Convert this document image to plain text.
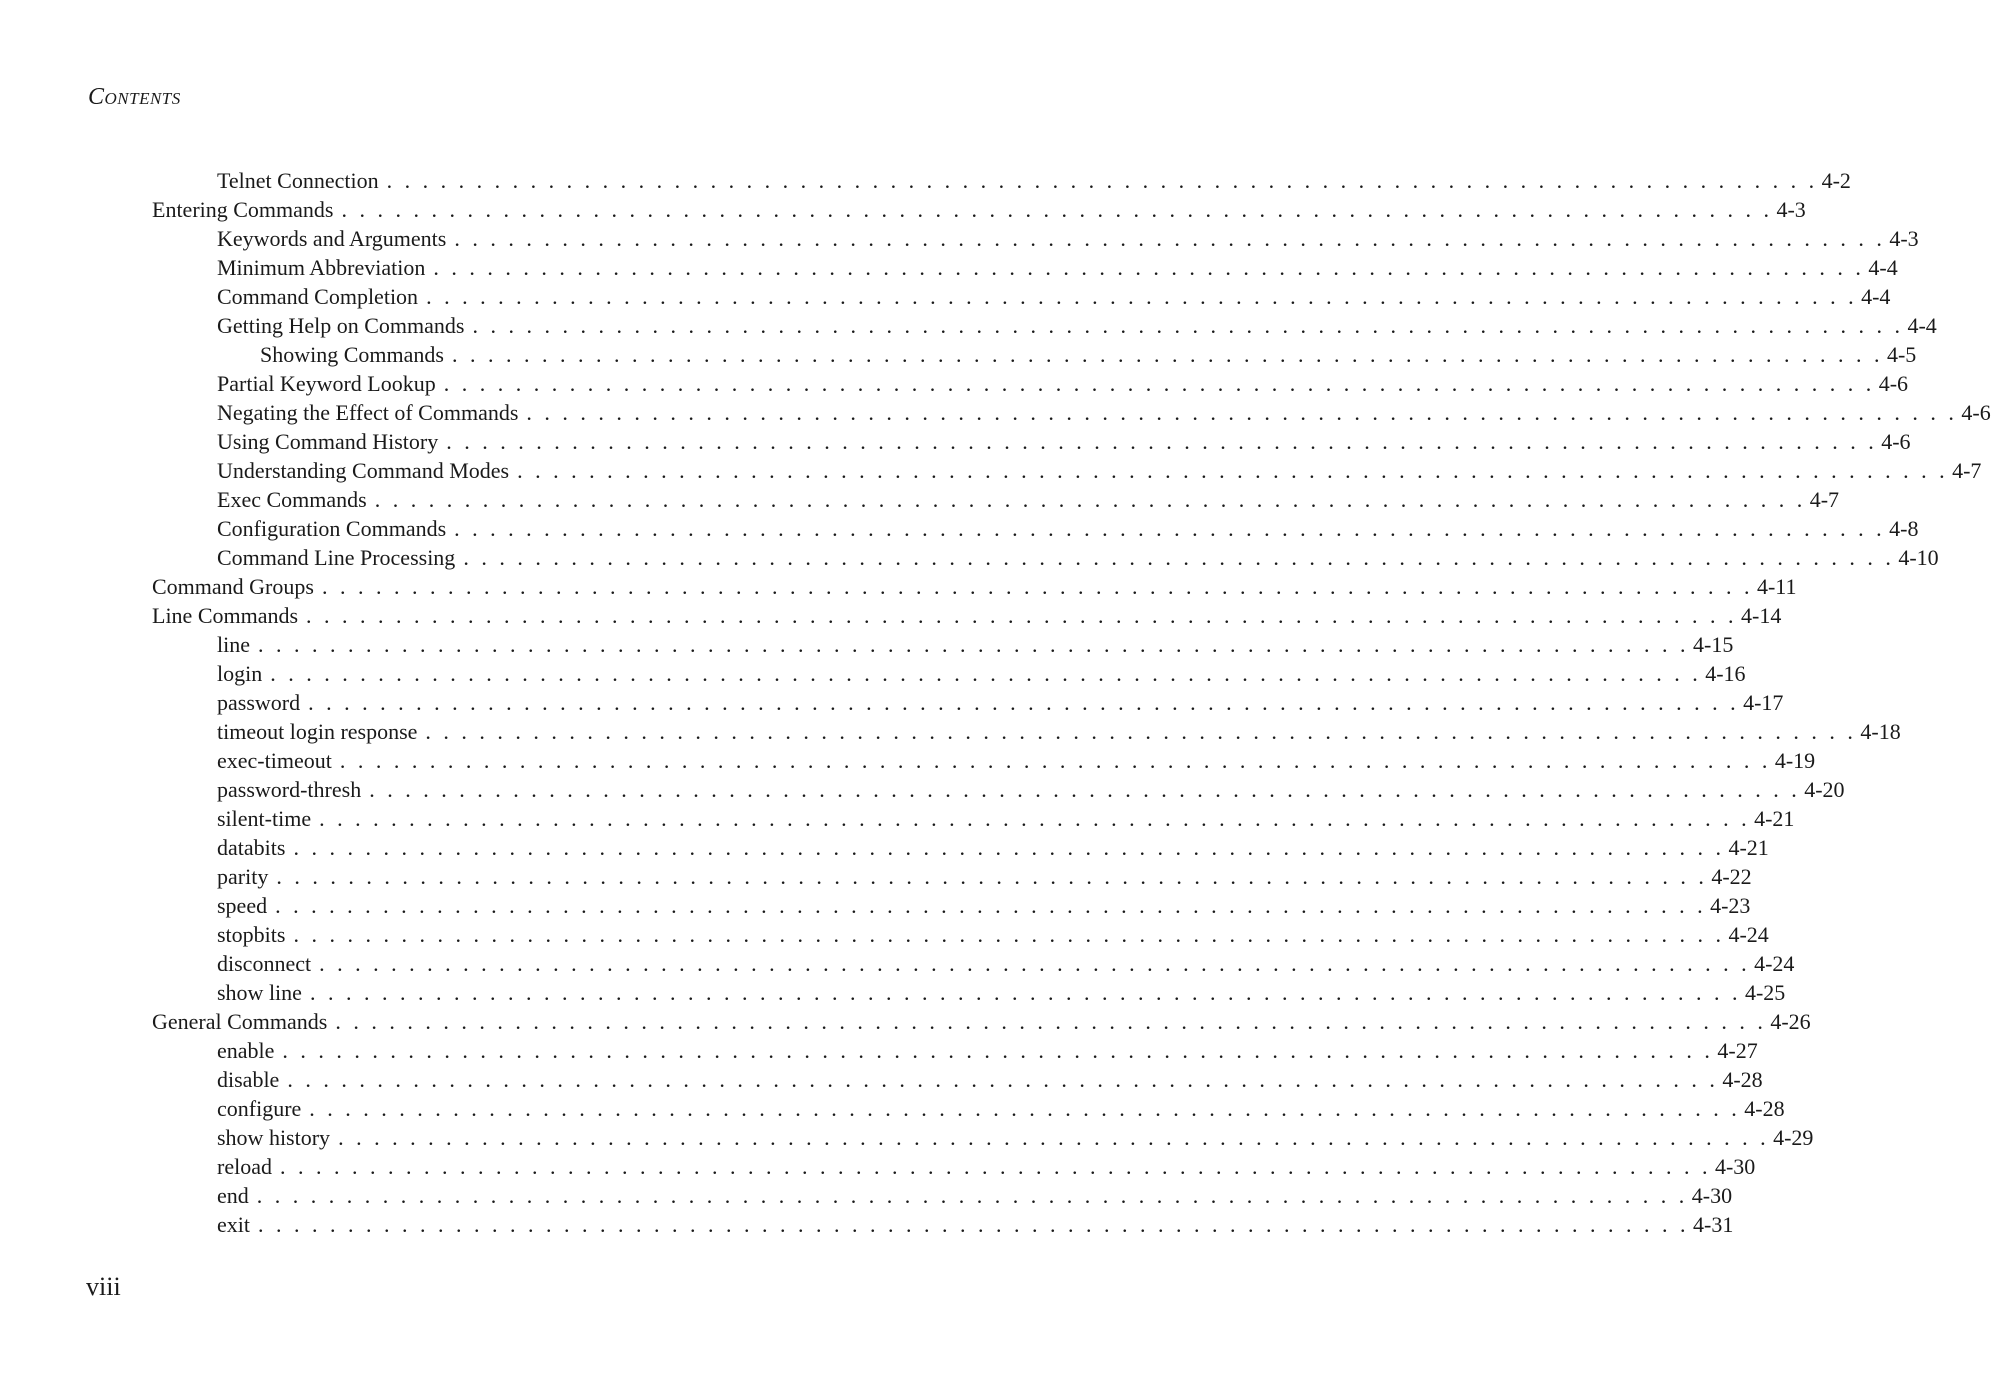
CONTENTS
Telnet Connection . . . . . . . . . . . . . . . . . . . . . . . . . . . . . . . . . . . . . . . . . . . . . . . . . . . . . . . . . . . . . . . . . . . . . . . . . . . . . . . . 4-2
Entering Commands . . . . . . . . . . . . . . . . . . . . . . . . . . . . . . . . . . . . . . . . . . . . . . . . . . . . . . . . . . . . . . . . . . . . . . . . . . . . . . . . 4-3
Keywords and Arguments . . . . . . . . . . . . . . . . . . . . . . . . . . . . . . . . . . . . . . . . . . . . . . . . . . . . . . . . . . . . . . . . . . . . . . . . . . . . . . . . 4-3
Minimum Abbreviation . . . . . . . . . . . . . . . . . . . . . . . . . . . . . . . . . . . . . . . . . . . . . . . . . . . . . . . . . . . . . . . . . . . . . . . . . . . . . . . . 4-4
Command Completion . . . . . . . . . . . . . . . . . . . . . . . . . . . . . . . . . . . . . . . . . . . . . . . . . . . . . . . . . . . . . . . . . . . . . . . . . . . . . . . . 4-4
Getting Help on Commands . . . . . . . . . . . . . . . . . . . . . . . . . . . . . . . . . . . . . . . . . . . . . . . . . . . . . . . . . . . . . . . . . . . . . . . . . . . . . . . . 4-4
Showing Commands . . . . . . . . . . . . . . . . . . . . . . . . . . . . . . . . . . . . . . . . . . . . . . . . . . . . . . . . . . . . . . . . . . . . . . . . . . . . . . . . 4-5
Partial Keyword Lookup . . . . . . . . . . . . . . . . . . . . . . . . . . . . . . . . . . . . . . . . . . . . . . . . . . . . . . . . . . . . . . . . . . . . . . . . . . . . . . . . 4-6
Negating the Effect of Commands . . . . . . . . . . . . . . . . . . . . . . . . . . . . . . . . . . . . . . . . . . . . . . . . . . . . . . . . . . . . . . . . . . . . . . . . . . . . . . . . 4-6
Using Command History . . . . . . . . . . . . . . . . . . . . . . . . . . . . . . . . . . . . . . . . . . . . . . . . . . . . . . . . . . . . . . . . . . . . . . . . . . . . . . . . 4-6
Understanding Command Modes . . . . . . . . . . . . . . . . . . . . . . . . . . . . . . . . . . . . . . . . . . . . . . . . . . . . . . . . . . . . . . . . . . . . . . . . . . . . . . . . 4-7
Exec Commands . . . . . . . . . . . . . . . . . . . . . . . . . . . . . . . . . . . . . . . . . . . . . . . . . . . . . . . . . . . . . . . . . . . . . . . . . . . . . . . . 4-7
Configuration Commands . . . . . . . . . . . . . . . . . . . . . . . . . . . . . . . . . . . . . . . . . . . . . . . . . . . . . . . . . . . . . . . . . . . . . . . . . . . . . . . . 4-8
Command Line Processing . . . . . . . . . . . . . . . . . . . . . . . . . . . . . . . . . . . . . . . . . . . . . . . . . . . . . . . . . . . . . . . . . . . . . . . . . . . . . . . . 4-10
Command Groups . . . . . . . . . . . . . . . . . . . . . . . . . . . . . . . . . . . . . . . . . . . . . . . . . . . . . . . . . . . . . . . . . . . . . . . . . . . . . . . . 4-11
Line Commands . . . . . . . . . . . . . . . . . . . . . . . . . . . . . . . . . . . . . . . . . . . . . . . . . . . . . . . . . . . . . . . . . . . . . . . . . . . . . . . . 4-14
line . . . . . . . . . . . . . . . . . . . . . . . . . . . . . . . . . . . . . . . . . . . . . . . . . . . . . . . . . . . . . . . . . . . . . . . . . . . . . . . . 4-15
login . . . . . . . . . . . . . . . . . . . . . . . . . . . . . . . . . . . . . . . . . . . . . . . . . . . . . . . . . . . . . . . . . . . . . . . . . . . . . . . . 4-16
password . . . . . . . . . . . . . . . . . . . . . . . . . . . . . . . . . . . . . . . . . . . . . . . . . . . . . . . . . . . . . . . . . . . . . . . . . . . . . . . . 4-17
timeout login response . . . . . . . . . . . . . . . . . . . . . . . . . . . . . . . . . . . . . . . . . . . . . . . . . . . . . . . . . . . . . . . . . . . . . . . . . . . . . . . . 4-18
exec-timeout . . . . . . . . . . . . . . . . . . . . . . . . . . . . . . . . . . . . . . . . . . . . . . . . . . . . . . . . . . . . . . . . . . . . . . . . . . . . . . . . 4-19
password-thresh . . . . . . . . . . . . . . . . . . . . . . . . . . . . . . . . . . . . . . . . . . . . . . . . . . . . . . . . . . . . . . . . . . . . . . . . . . . . . . . . 4-20
silent-time . . . . . . . . . . . . . . . . . . . . . . . . . . . . . . . . . . . . . . . . . . . . . . . . . . . . . . . . . . . . . . . . . . . . . . . . . . . . . . . . 4-21
databits . . . . . . . . . . . . . . . . . . . . . . . . . . . . . . . . . . . . . . . . . . . . . . . . . . . . . . . . . . . . . . . . . . . . . . . . . . . . . . . . 4-21
parity . . . . . . . . . . . . . . . . . . . . . . . . . . . . . . . . . . . . . . . . . . . . . . . . . . . . . . . . . . . . . . . . . . . . . . . . . . . . . . . . 4-22
speed . . . . . . . . . . . . . . . . . . . . . . . . . . . . . . . . . . . . . . . . . . . . . . . . . . . . . . . . . . . . . . . . . . . . . . . . . . . . . . . . 4-23
stopbits . . . . . . . . . . . . . . . . . . . . . . . . . . . . . . . . . . . . . . . . . . . . . . . . . . . . . . . . . . . . . . . . . . . . . . . . . . . . . . . . 4-24
disconnect . . . . . . . . . . . . . . . . . . . . . . . . . . . . . . . . . . . . . . . . . . . . . . . . . . . . . . . . . . . . . . . . . . . . . . . . . . . . . . . . 4-24
show line . . . . . . . . . . . . . . . . . . . . . . . . . . . . . . . . . . . . . . . . . . . . . . . . . . . . . . . . . . . . . . . . . . . . . . . . . . . . . . . . 4-25
General Commands . . . . . . . . . . . . . . . . . . . . . . . . . . . . . . . . . . . . . . . . . . . . . . . . . . . . . . . . . . . . . . . . . . . . . . . . . . . . . . . . 4-26
enable . . . . . . . . . . . . . . . . . . . . . . . . . . . . . . . . . . . . . . . . . . . . . . . . . . . . . . . . . . . . . . . . . . . . . . . . . . . . . . . . 4-27
disable . . . . . . . . . . . . . . . . . . . . . . . . . . . . . . . . . . . . . . . . . . . . . . . . . . . . . . . . . . . . . . . . . . . . . . . . . . . . . . . . 4-28
configure . . . . . . . . . . . . . . . . . . . . . . . . . . . . . . . . . . . . . . . . . . . . . . . . . . . . . . . . . . . . . . . . . . . . . . . . . . . . . . . . 4-28
show history . . . . . . . . . . . . . . . . . . . . . . . . . . . . . . . . . . . . . . . . . . . . . . . . . . . . . . . . . . . . . . . . . . . . . . . . . . . . . . . . 4-29
reload . . . . . . . . . . . . . . . . . . . . . . . . . . . . . . . . . . . . . . . . . . . . . . . . . . . . . . . . . . . . . . . . . . . . . . . . . . . . . . . . 4-30
end . . . . . . . . . . . . . . . . . . . . . . . . . . . . . . . . . . . . . . . . . . . . . . . . . . . . . . . . . . . . . . . . . . . . . . . . . . . . . . . . 4-30
exit . . . . . . . . . . . . . . . . . . . . . . . . . . . . . . . . . . . . . . . . . . . . . . . . . . . . . . . . . . . . . . . . . . . . . . . . . . . . . . . . 4-31
viii
